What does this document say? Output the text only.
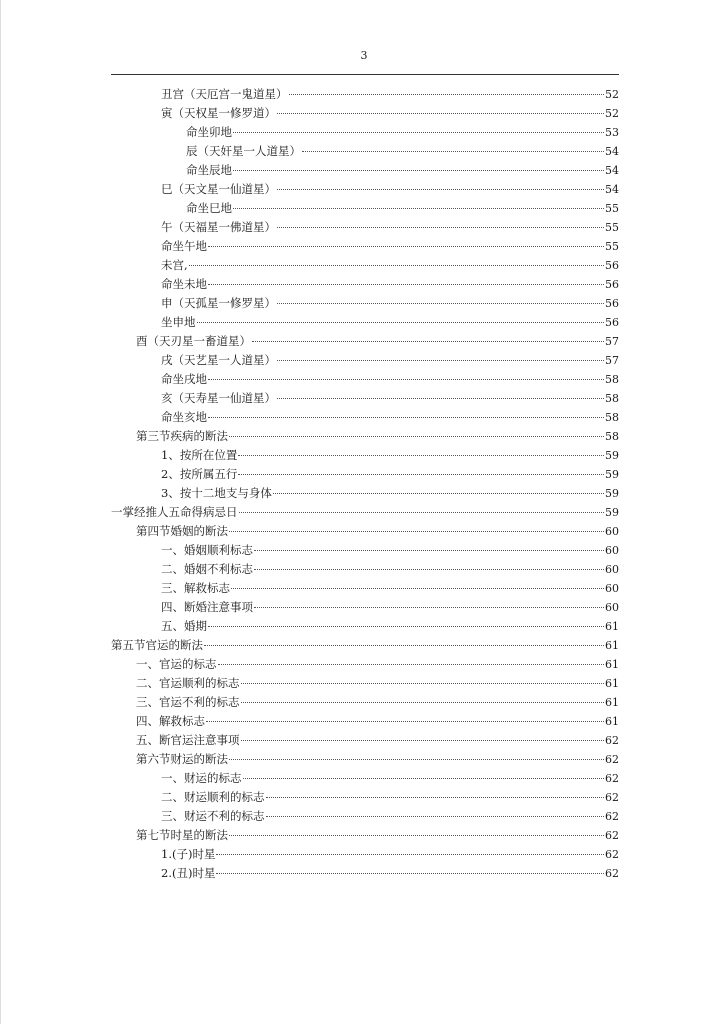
3
丑宫（天厄宫一鬼道星）	52
寅（天权星一修罗道）	52
命坐卯地	53
辰（天奸星一人道星）	54
命坐辰地	54
巳（天文星一仙道星）	54
命坐巳地	55
午（天福星一佛道星）	55
命坐午地	55
未宫,	56
命坐未地	56
申（天孤星一修罗星）	56
坐申地	56
酉（天刃星一畜道星）	57
戌（天艺星一人道星）	57
命坐戌地	58
亥（天寿星一仙道星）	58
命坐亥地	58
第三节疾病的断法	58
1、按所在位置	59
2、按所属五行	59
3、按十二地支与身体	59
一掌经推人五命得病忌日	59
第四节婚姻的断法	60
一、婚姻顺利标志	60
二、婚姻不利标志	60
三、解救标志	60
四、断婚注意事项	60
五、婚期	61
第五节官运的断法	61
一、官运的标志	61
二、官运顺利的标志	61
三、官运不利的标志	61
四、解救标志	61
五、断官运注意事项	62
第六节财运的断法	62
一、财运的标志	62
二、财运顺利的标志	62
三、财运不利的标志	62
第七节时星的断法	62
1.(子)时星	62
2.(丑)时星	62
